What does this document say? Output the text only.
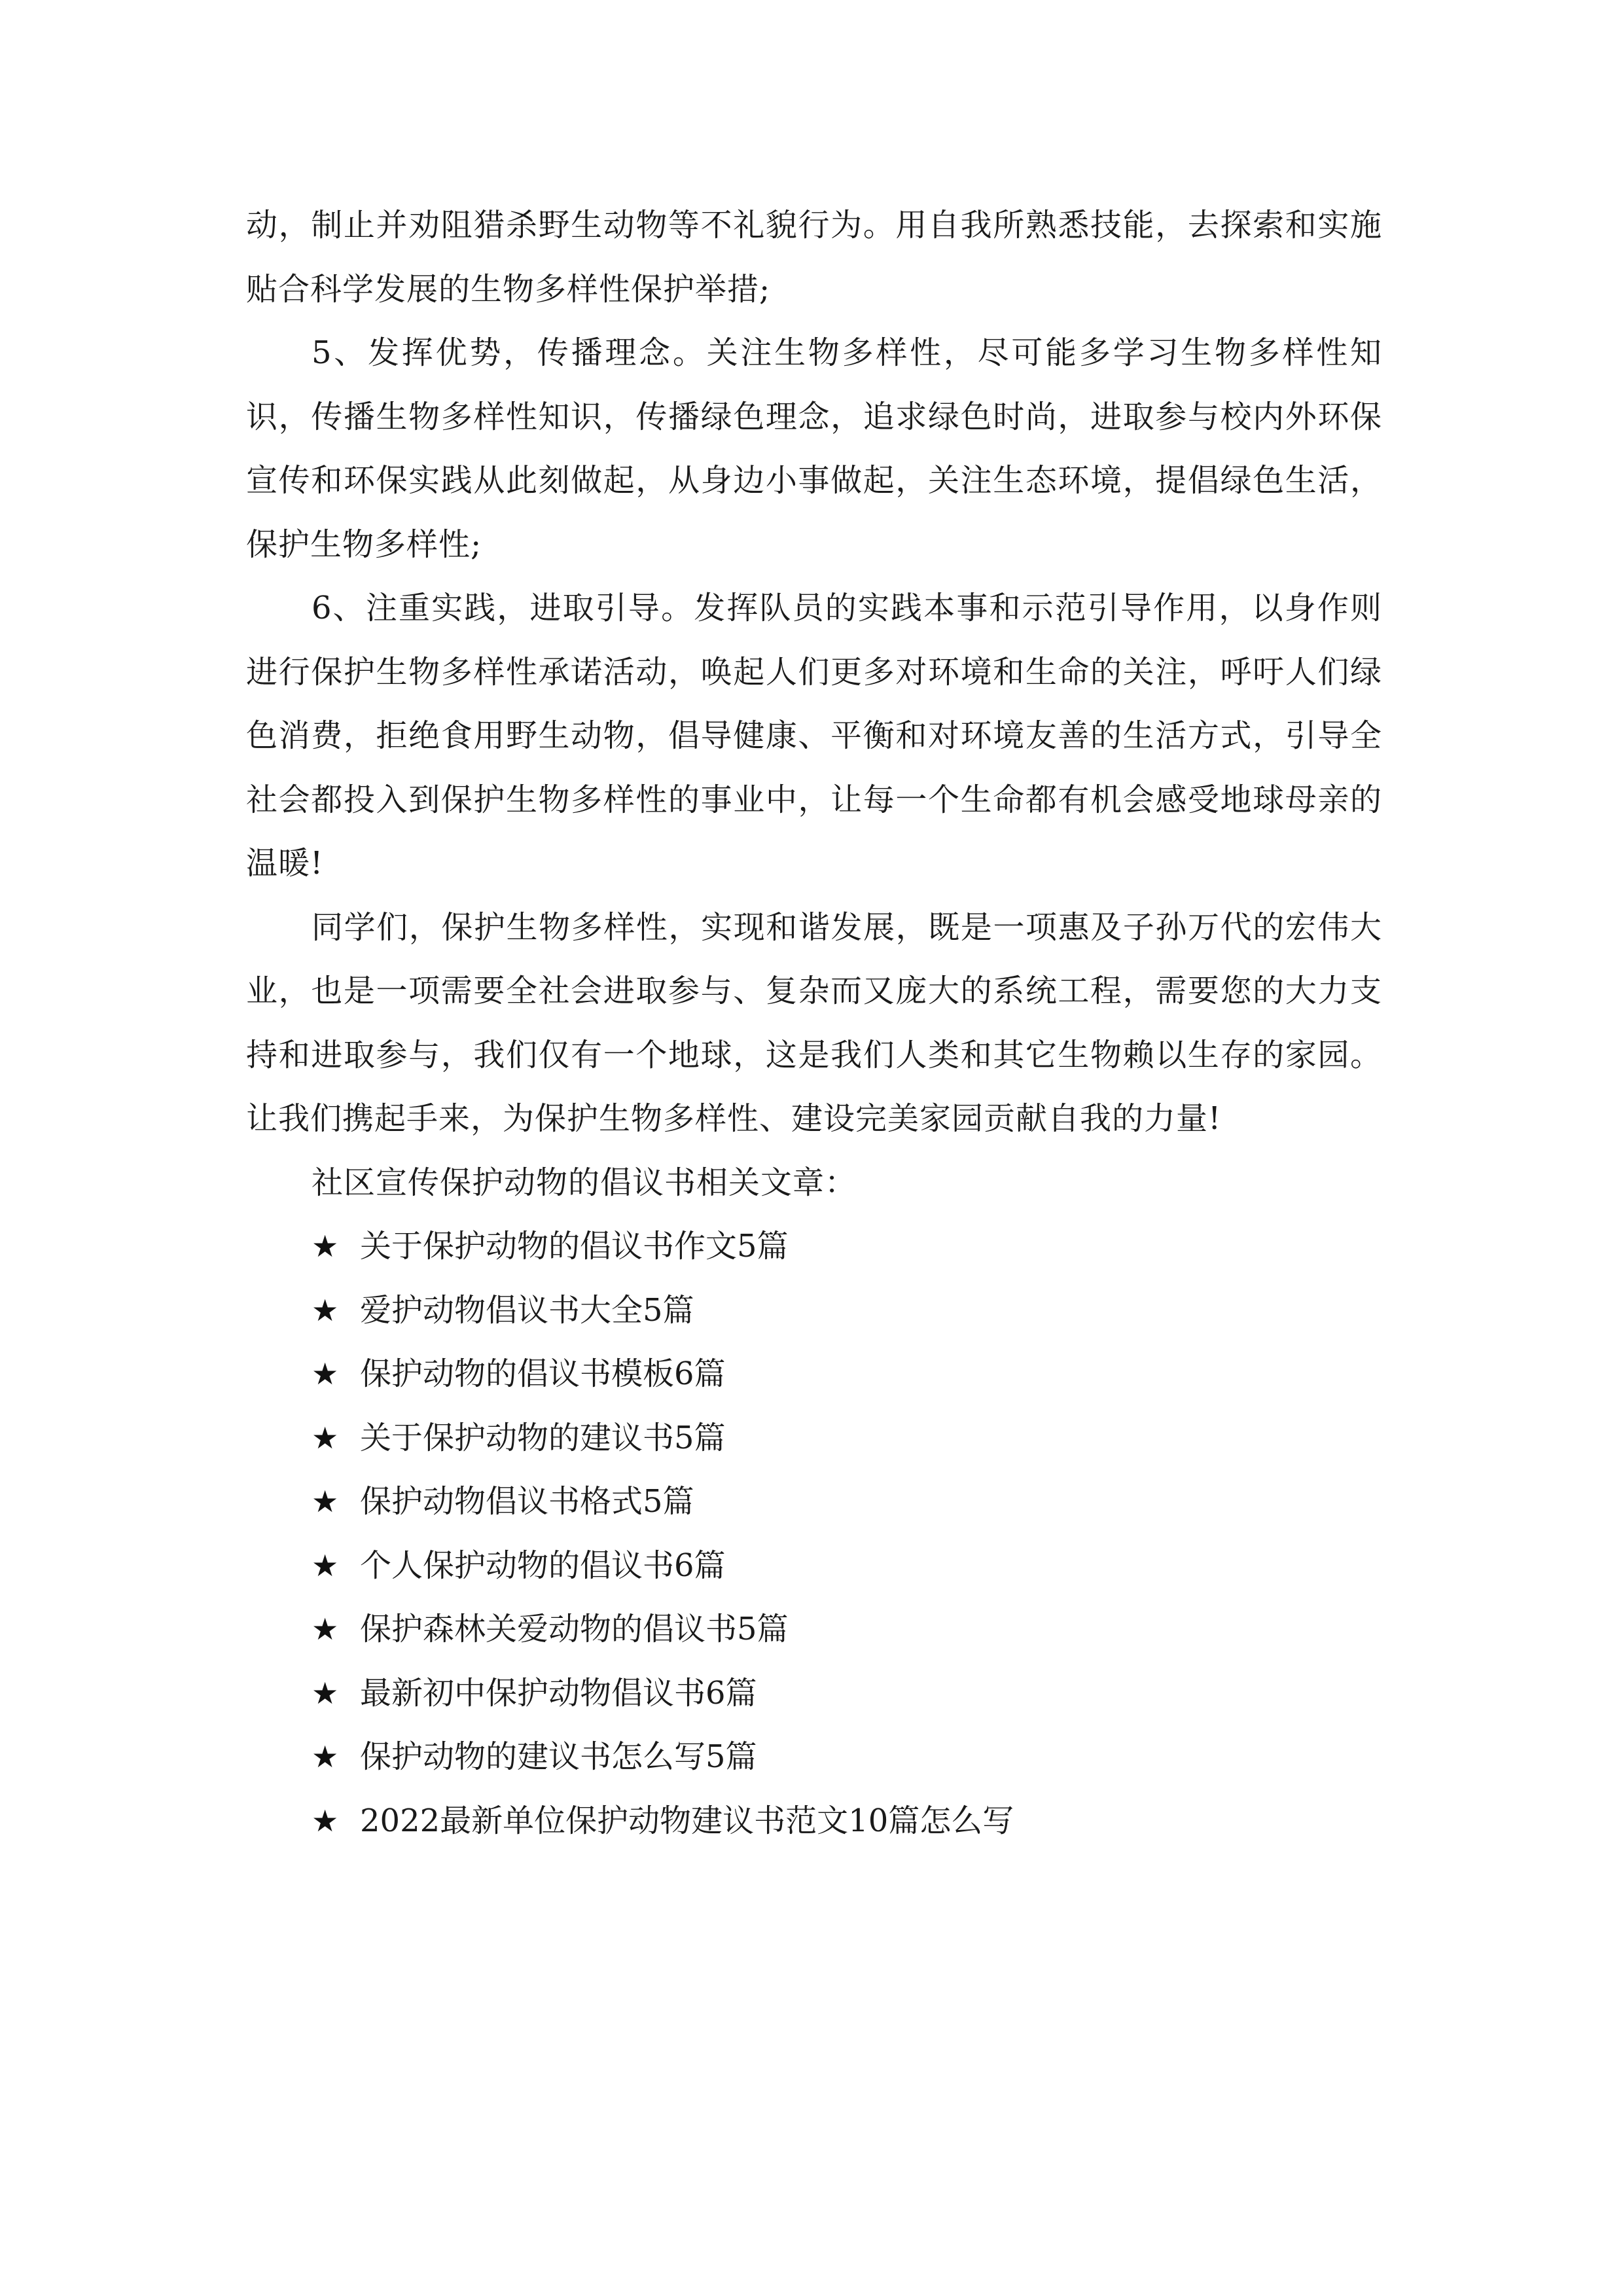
动，制止并劝阻猎杀野生动物等不礼貌行为。用自我所熟悉技能，去探索和实施贴合科学发展的生物多样性保护举措;

5、发挥优势，传播理念。关注生物多样性，尽可能多学习生物多样性知识，传播生物多样性知识，传播绿色理念，追求绿色时尚，进取参与校内外环保宣传和环保实践从此刻做起，从身边小事做起，关注生态环境，提倡绿色生活，保护生物多样性;

6、注重实践，进取引导。发挥队员的实践本事和示范引导作用，以身作则进行保护生物多样性承诺活动，唤起人们更多对环境和生命的关注，呼吁人们绿色消费，拒绝食用野生动物，倡导健康、平衡和对环境友善的生活方式，引导全社会都投入到保护生物多样性的事业中，让每一个生命都有机会感受地球母亲的温暖!

同学们，保护生物多样性，实现和谐发展，既是一项惠及子孙万代的宏伟大业，也是一项需要全社会进取参与、复杂而又庞大的系统工程，需要您的大力支持和进取参与，我们仅有一个地球，这是我们人类和其它生物赖以生存的家园。让我们携起手来，为保护生物多样性、建设完美家园贡献自我的力量!

社区宣传保护动物的倡议书相关文章：

★ 关于保护动物的倡议书作文5篇
★ 爱护动物倡议书大全5篇
★ 保护动物的倡议书模板6篇
★ 关于保护动物的建议书5篇
★ 保护动物倡议书格式5篇
★ 个人保护动物的倡议书6篇
★ 保护森林关爱动物的倡议书5篇
★ 最新初中保护动物倡议书6篇
★ 保护动物的建议书怎么写5篇
★ 2022最新单位保护动物建议书范文10篇怎么写
